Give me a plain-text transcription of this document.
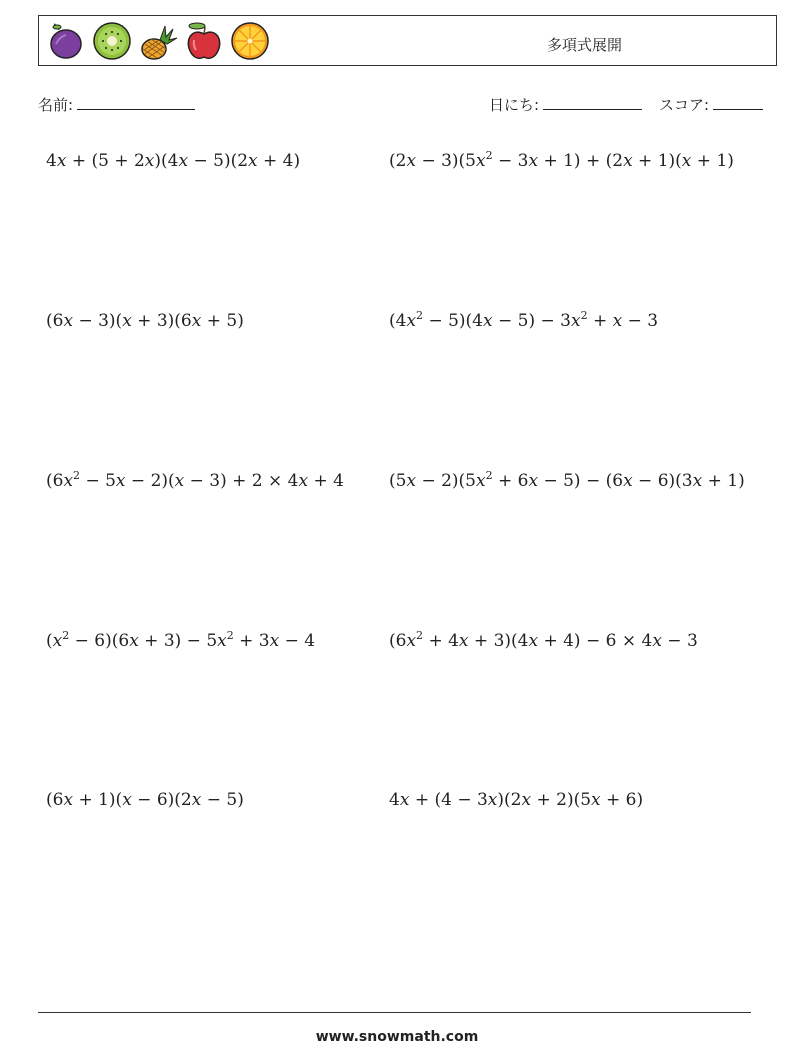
多項式展開
名前:	日にち:	スコア:
4x + (5 + 2x)(4x − 5)(2x + 4)	$(2x - 3)(5x^2 - 3x + 1) + (2x + 1)(x + 1)$
(6x − 3)(x + 3)(6x + 5)	$(4x^2 - 5)(4x - 5) - 3x^2 + x - 3$
$(6x^2 - 5x - 2)(x - 3) + 2 \times 4x + 4$	$(5x - 2)(5x^2 + 6x - 5) - (6x - 6)(3x + 1)$
$(x^2 - 6)(6x + 3) - 5x^2 + 3x - 4$	$(6x^2 + 4x + 3)(4x + 4) - 6 \times 4x - 3$
(6x + 1)(x − 6)(2x − 5)	4x + (4 − 3x)(2x + 2)(5x + 6)
www.snowmath.com
